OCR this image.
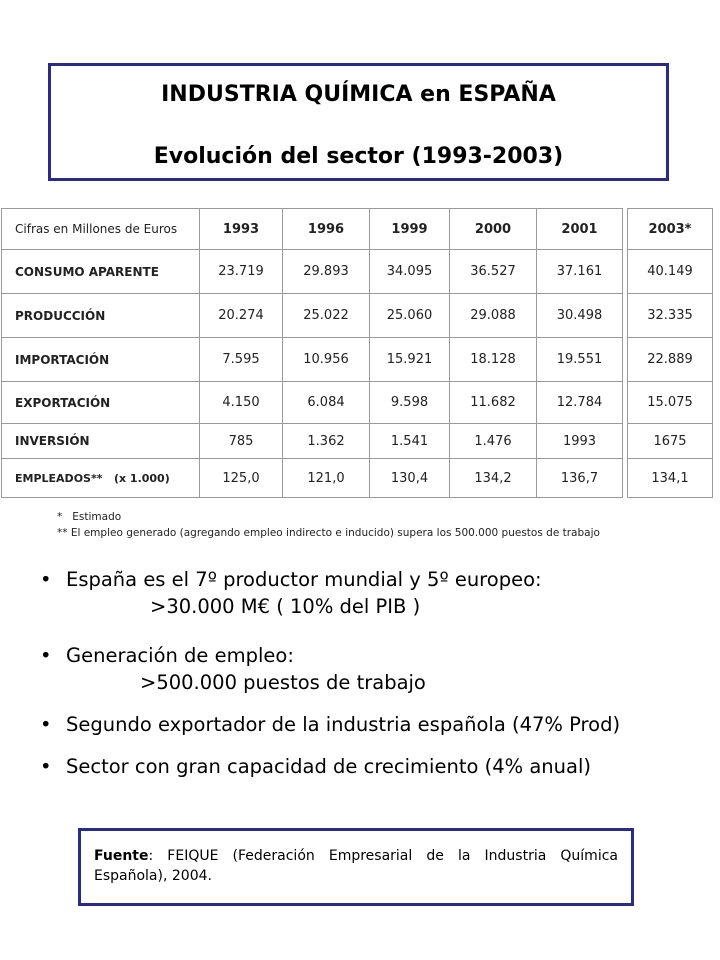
INDUSTRIA QUÍMICA en ESPAÑA
Evolución del sector (1993-2003)
Cifras en Millones de Euros	1993	1996	1999	2000	2001		2003*
CONSUMO APARENTE	23.719	29.893	34.095	36.527	37.161		40.149
PRODUCCIÓN	20.274	25.022	25.060	29.088	30.498		32.335
IMPORTACIÓN	7.595	10.956	15.921	18.128	19.551		22.889
EXPORTACIÓN	4.150	6.084	9.598	11.682	12.784		15.075
INVERSIÓN	785	1.362	1.541	1.476	1993		1675
EMPLEADOS**   (x 1.000)	125,0	121,0	130,4	134,2	136,7		134,1
*   Estimado
** El empleo generado (agregando empleo indirecto e inducido) supera los 500.000 puestos de trabajo
• España es el 7º productor mundial y 5º europeo:
>30.000 M€ ( 10% del PIB )
• Generación de empleo:
>500.000 puestos de trabajo
• Segundo exportador de la industria española (47% Prod)
• Sector con gran capacidad de crecimiento (4% anual)
Fuente: FEIQUE (Federación Empresarial de la Industria Química Española), 2004.
